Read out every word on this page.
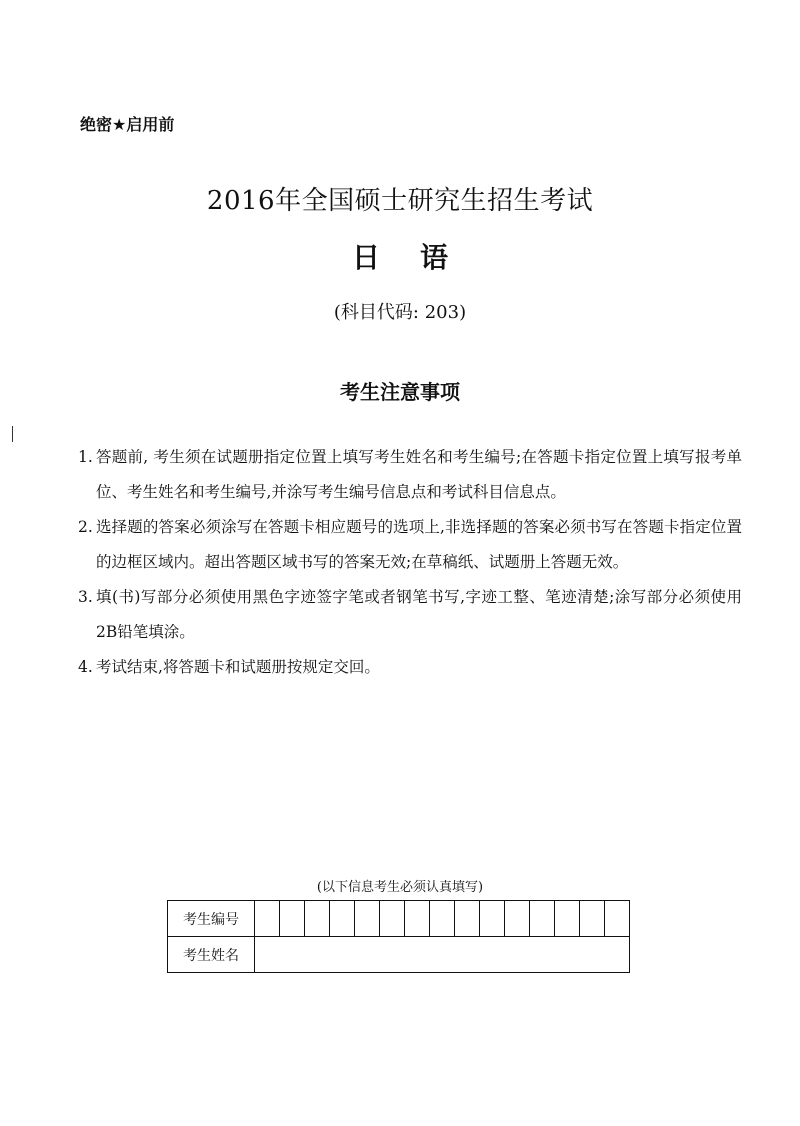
绝密★启用前
2016年全国硕士研究生招生考试
日 语
(科目代码: 203)
考生注意事项

1. 答题前, 考生须在试题册指定位置上填写考生姓名和考生编号;在答题卡指定位置上填写报考单位、考生姓名和考生编号,并涂写考生编号信息点和考试科目信息点。

2. 选择题的答案必须涂写在答题卡相应题号的选项上,非选择题的答案必须书写在答题卡指定位置的边框区域内。超出答题区域书写的答案无效;在草稿纸、试题册上答题无效。

3. 填(书)写部分必须使用黑色字迹签字笔或者钢笔书写,字迹工整、笔迹清楚;涂写部分必须使用2B铅笔填涂。

4. 考试结束,将答题卡和试题册按规定交回。

(以下信息考生必须认真填写)
考生编号															
考生姓名															
